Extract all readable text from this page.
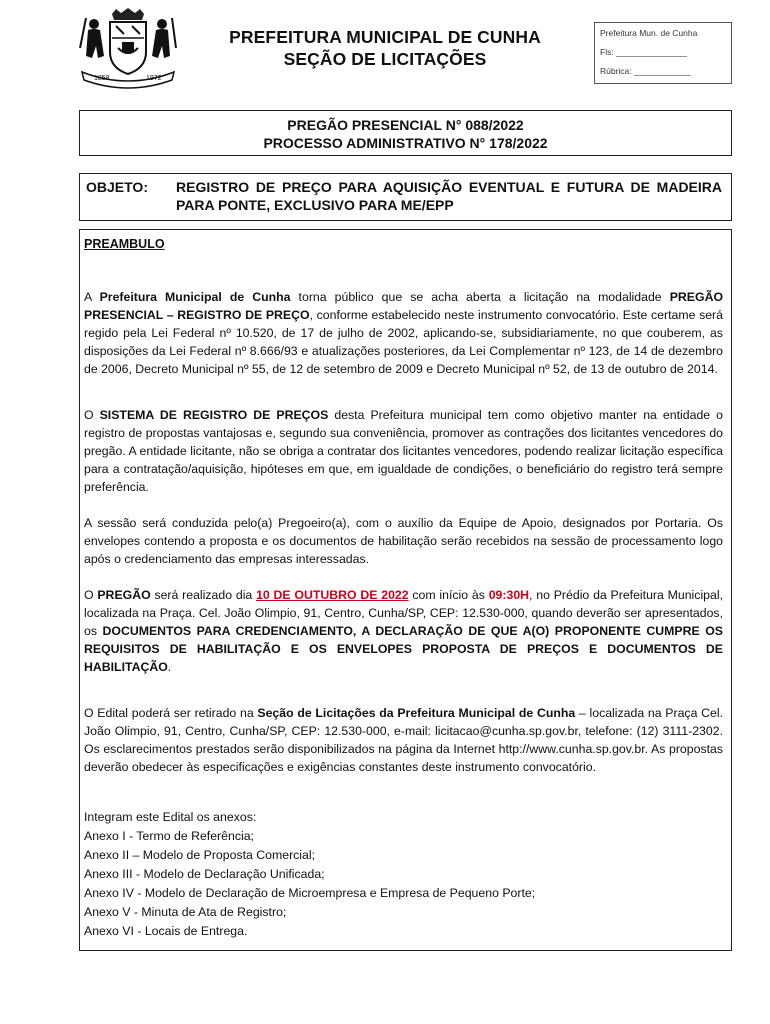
1858	1972
PREFEITURA MUNICIPAL DE CUNHA
SEÇÃO DE LICITAÇÕES
Prefeitura Mun. de Cunha
Fls: _______________
Rúbrica: ____________
PREGÃO PRESENCIAL N° 088/2022
PROCESSO ADMINISTRATIVO N° 178/2022
OBJETO: REGISTRO DE PREÇO PARA AQUISIÇÃO EVENTUAL E FUTURA DE MADEIRA PARA PONTE, EXCLUSIVO PARA ME/EPP
PREAMBULO
A Prefeitura Municipal de Cunha torna público que se acha aberta a licitação na modalidade PREGÃO PRESENCIAL – REGISTRO DE PREÇO, conforme estabelecido neste instrumento convocatório. Este certame será regido pela Lei Federal nº 10.520, de 17 de julho de 2002, aplicando-se, subsidiariamente, no que couberem, as disposições da Lei Federal nº 8.666/93 e atualizações posteriores, da Lei Complementar nº 123, de 14 de dezembro de 2006, Decreto Municipal nº 55, de 12 de setembro de 2009 e Decreto Municipal nº 52, de 13 de outubro de 2014.
O SISTEMA DE REGISTRO DE PREÇOS desta Prefeitura municipal tem como objetivo manter na entidade o registro de propostas vantajosas e, segundo sua conveniência, promover as contrações dos licitantes vencedores do pregão. A entidade licitante, não se obriga a contratar dos licitantes vencedores, podendo realizar licitação específica para a contratação/aquisição, hipóteses em que, em igualdade de condições, o beneficiário do registro terá sempre preferência.
A sessão será conduzida pelo(a) Pregoeiro(a), com o auxílio da Equipe de Apoio, designados por Portaria. Os envelopes contendo a proposta e os documentos de habilitação serão recebidos na sessão de processamento logo após o credenciamento das empresas interessadas.
O PREGÃO será realizado dia 10 DE OUTUBRO DE 2022 com início às 09:30H, no Prédio da Prefeitura Municipal, localizada na Praça. Cel. João Olimpio, 91, Centro, Cunha/SP, CEP: 12.530-000, quando deverão ser apresentados, os DOCUMENTOS PARA CREDENCIAMENTO, A DECLARAÇÃO DE QUE A(O) PROPONENTE CUMPRE OS REQUISITOS DE HABILITAÇÃO E OS ENVELOPES PROPOSTA DE PREÇOS E DOCUMENTOS DE HABILITAÇÃO.
O Edital poderá ser retirado na Seção de Licitações da Prefeitura Municipal de Cunha – localizada na Praça Cel. João Olimpio, 91, Centro, Cunha/SP, CEP: 12.530-000, e-mail: licitacao@cunha.sp.gov.br, telefone: (12) 3111-2302. Os esclarecimentos prestados serão disponibilizados na página da Internet http://www.cunha.sp.gov.br. As propostas deverão obedecer às especificações e exigências constantes deste instrumento convocatório.
Integram este Edital os anexos:
Anexo I - Termo de Referência;
Anexo II – Modelo de Proposta Comercial;
Anexo III - Modelo de Declaração Unificada;
Anexo IV - Modelo de Declaração de Microempresa e Empresa de Pequeno Porte;
Anexo V - Minuta de Ata de Registro;
Anexo VI - Locais de Entrega.
